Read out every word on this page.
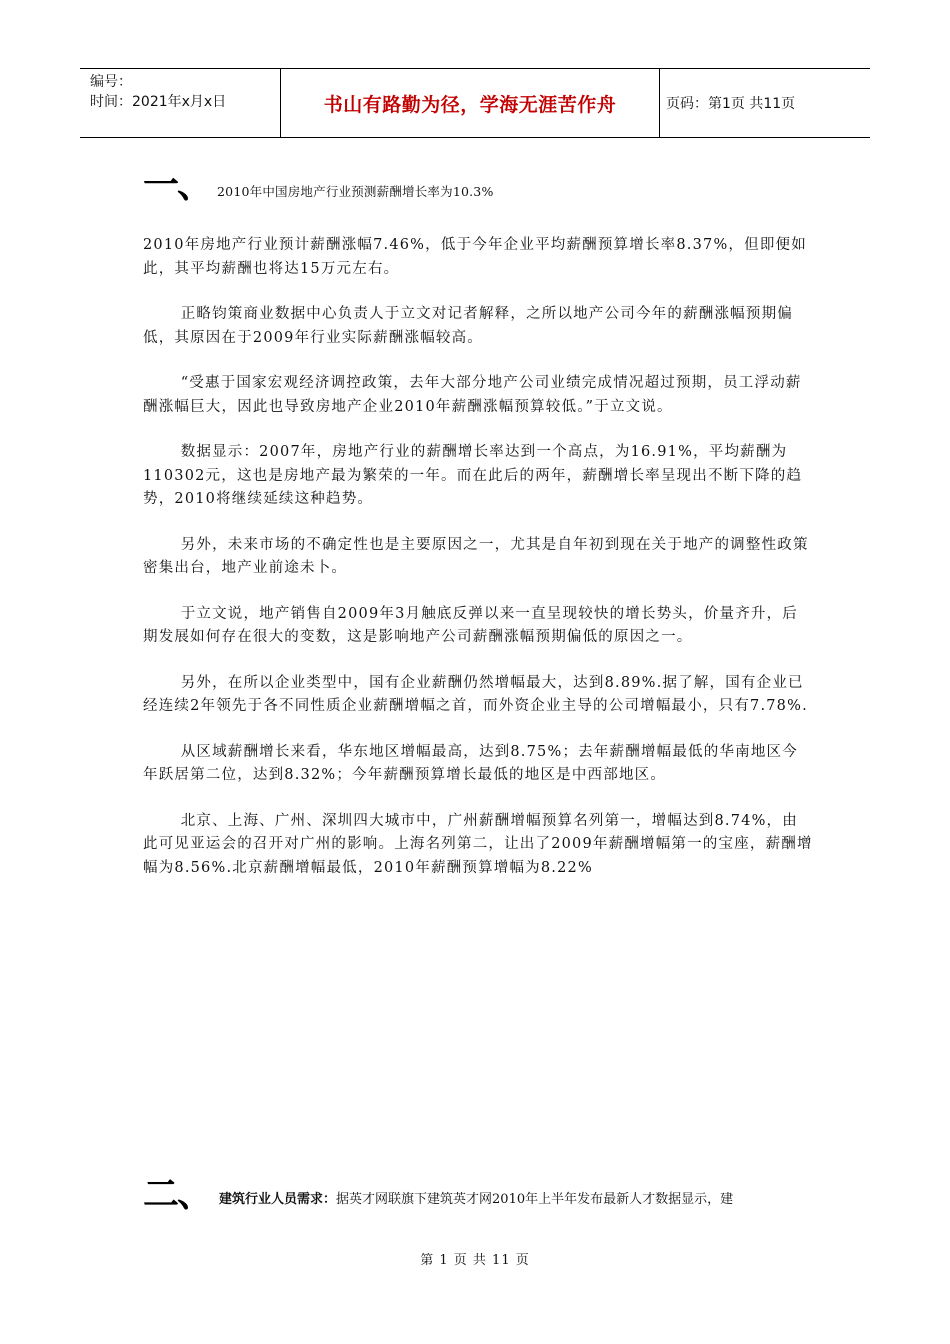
编号：
时间：2021年x月x日	书山有路勤为径，学海无涯苦作舟	页码：第1页 共11页
一、 2010年中国房地产行业预测薪酬增长率为10.3%

2010年房地产行业预计薪酬涨幅7.46%，低于今年企业平均薪酬预算增长率8.37%，但即便如此，其平均薪酬也将达15万元左右。

正略钧策商业数据中心负责人于立文对记者解释，之所以地产公司今年的薪酬涨幅预期偏低，其原因在于2009年行业实际薪酬涨幅较高。

“受惠于国家宏观经济调控政策，去年大部分地产公司业绩完成情况超过预期，员工浮动薪酬涨幅巨大，因此也导致房地产企业2010年薪酬涨幅预算较低。”于立文说。

数据显示：2007年，房地产行业的薪酬增长率达到一个高点，为16.91%，平均薪酬为110302元，这也是房地产最为繁荣的一年。而在此后的两年，薪酬增长率呈现出不断下降的趋势，2010将继续延续这种趋势。

另外，未来市场的不确定性也是主要原因之一，尤其是自年初到现在关于地产的调整性政策密集出台，地产业前途未卜。

于立文说，地产销售自2009年3月触底反弹以来一直呈现较快的增长势头，价量齐升，后期发展如何存在很大的变数，这是影响地产公司薪酬涨幅预期偏低的原因之一。

另外，在所以企业类型中，国有企业薪酬仍然增幅最大，达到8.89%.据了解，国有企业已经连续2年领先于各不同性质企业薪酬增幅之首，而外资企业主导的公司增幅最小，只有7.78%.

从区域薪酬增长来看，华东地区增幅最高，达到8.75%；去年薪酬增幅最低的华南地区今年跃居第二位，达到8.32%；今年薪酬预算增长最低的地区是中西部地区。

北京、上海、广州、深圳四大城市中，广州薪酬增幅预算名列第一，增幅达到8.74%，由此可见亚运会的召开对广州的影响。上海名列第二，让出了2009年薪酬增幅第一的宝座，薪酬增幅为8.56%.北京薪酬增幅最低，2010年薪酬预算增幅为8.22%

二、 建筑行业人员需求：据英才网联旗下建筑英才网2010年上半年发布最新人才数据显示，建
第 1 页 共 11 页
